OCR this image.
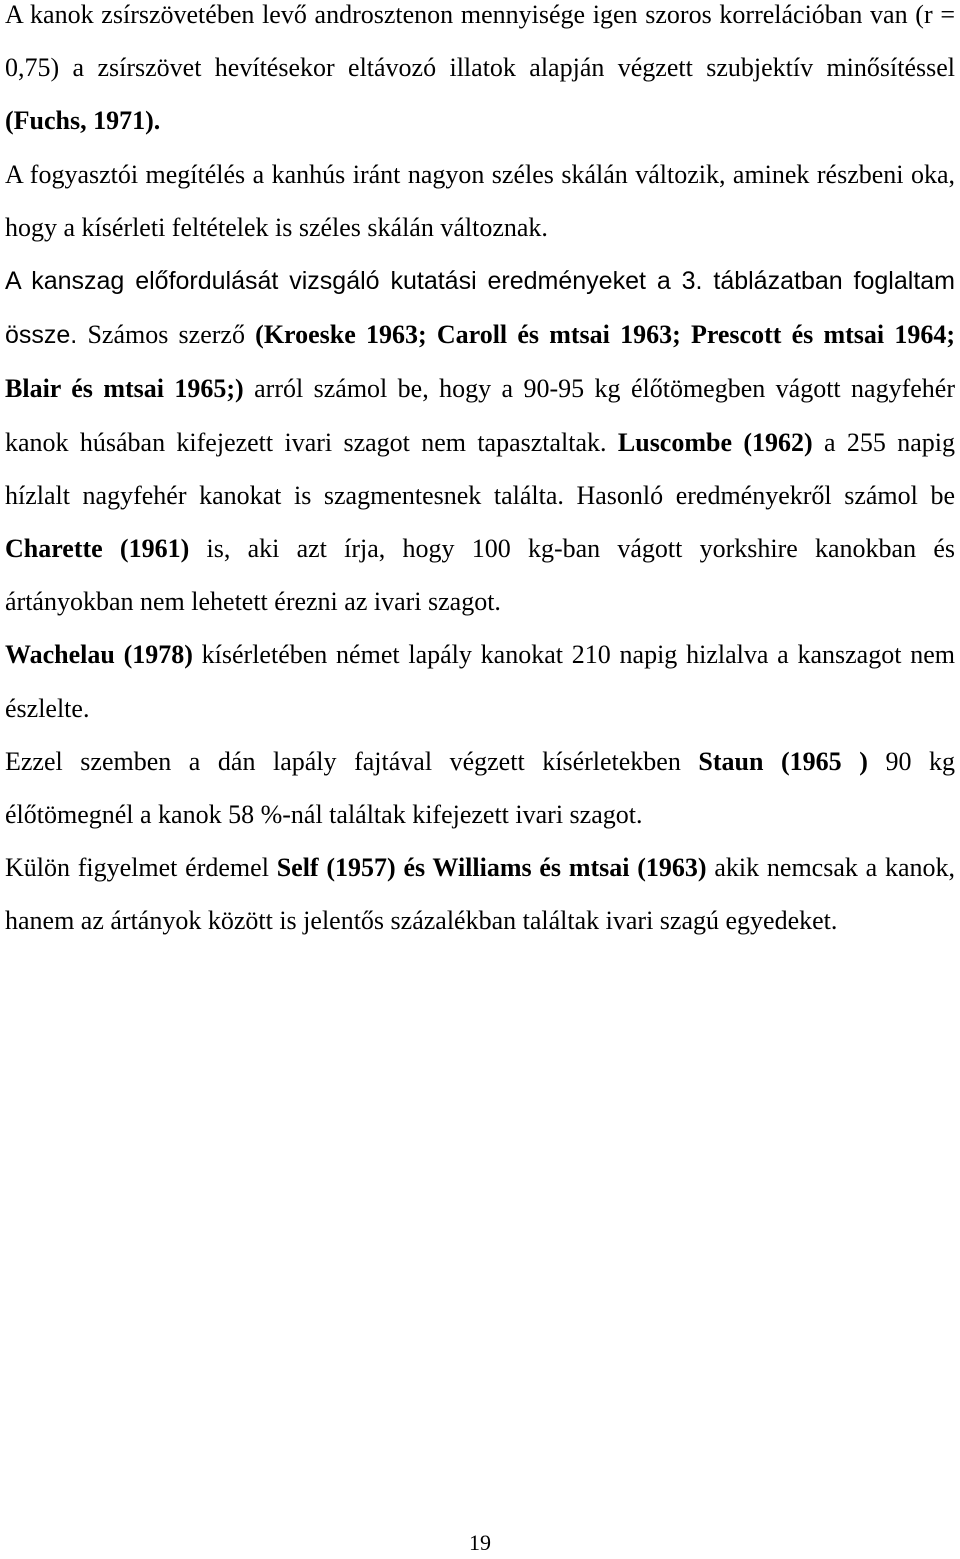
A kanok zsírszövetében levő androsztenon mennyisége igen szoros korrelációban van (r = 0,75) a zsírszövet hevítésekor eltávozó illatok alapján végzett szubjektív minősítéssel (Fuchs, 1971).

A fogyasztói megítélés a kanhús iránt nagyon széles skálán változik, aminek részbeni oka, hogy a kísérleti feltételek is széles skálán változnak.

A kanszag előfordulását vizsgáló kutatási eredményeket a 3. táblázatban foglaltam össze. Számos szerző (Kroeske 1963; Caroll és mtsai 1963; Prescott és mtsai 1964; Blair és mtsai 1965;) arról számol be, hogy a 90-95 kg élőtömegben vágott nagyfehér kanok húsában kifejezett ivari szagot nem tapasztaltak. Luscombe (1962) a 255 napig hízlalt nagyfehér kanokat is szagmentesnek találta. Hasonló eredményekről számol be Charette (1961) is, aki azt írja, hogy 100 kg-ban vágott yorkshire kanokban és ártányokban nem lehetett érezni az ivari szagot.

Wachelau (1978) kísérletében német lapály kanokat 210 napig hizlalva a kanszagot nem észlelte.

Ezzel szemben a dán lapály fajtával végzett kísérletekben Staun (1965 ) 90 kg élőtömegnél a kanok 58 %-nál találtak kifejezett ivari szagot.

Külön figyelmet érdemel Self (1957) és Williams és mtsai (1963) akik nemcsak a kanok, hanem az ártányok között is jelentős százalékban találtak ivari szagú egyedeket.

19
